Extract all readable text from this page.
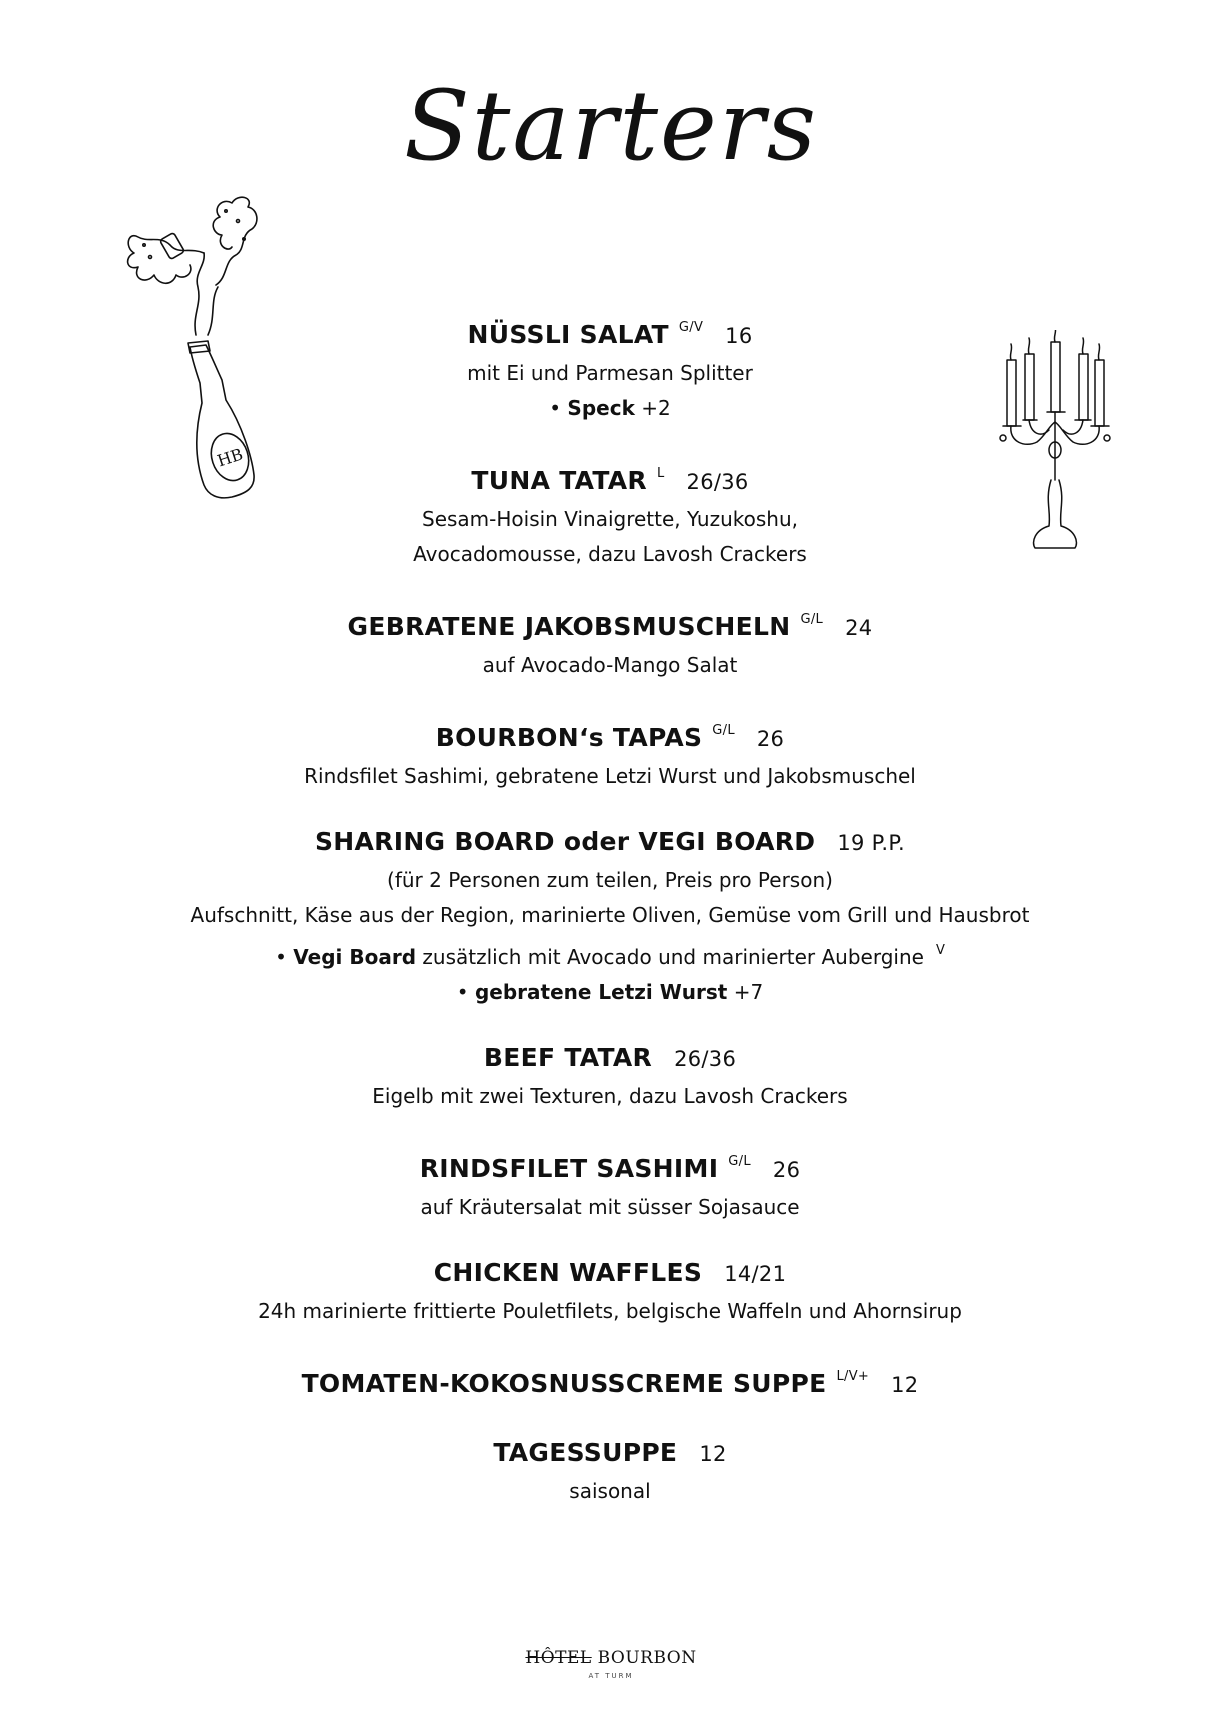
Starters
HB
NÜSSLI SALAT $^{G/V}$ 16
mit Ei und Parmesan Splitter
• Speck +2
TUNA TATAR $^L$ 26/36
Sesam-Hoisin Vinaigrette, Yuzukoshu,
Avocadomousse, dazu Lavosh Crackers
GEBRATENE JAKOBSMUSCHELN $^{G/L}$ 24
auf Avocado-Mango Salat
BOURBON‘s TAPAS $^{G/L}$ 26
Rindsfilet Sashimi, gebratene Letzi Wurst und Jakobsmuschel
SHARING BOARD oder VEGI BOARD 19 P.P.
(für 2 Personen zum teilen, Preis pro Person)
Aufschnitt, Käse aus der Region, marinierte Oliven, Gemüse vom Grill und Hausbrot
• Vegi Board zusätzlich mit Avocado und marinierter Aubergine $^V$
• gebratene Letzi Wurst +7
BEEF TATAR 26/36
Eigelb mit zwei Texturen, dazu Lavosh Crackers
RINDSFILET SASHIMI $^{G/L}$ 26
auf Kräutersalat mit süsser Sojasauce
CHICKEN WAFFLES 14/21
24h marinierte frittierte Pouletfilets, belgische Waffeln und Ahornsirup
TOMATEN-KOKOSNUSSCREME SUPPE $^{L/V+}$ 12
TAGESSUPPE 12
saisonal
HÔTEL BOURBON
AT TURM
